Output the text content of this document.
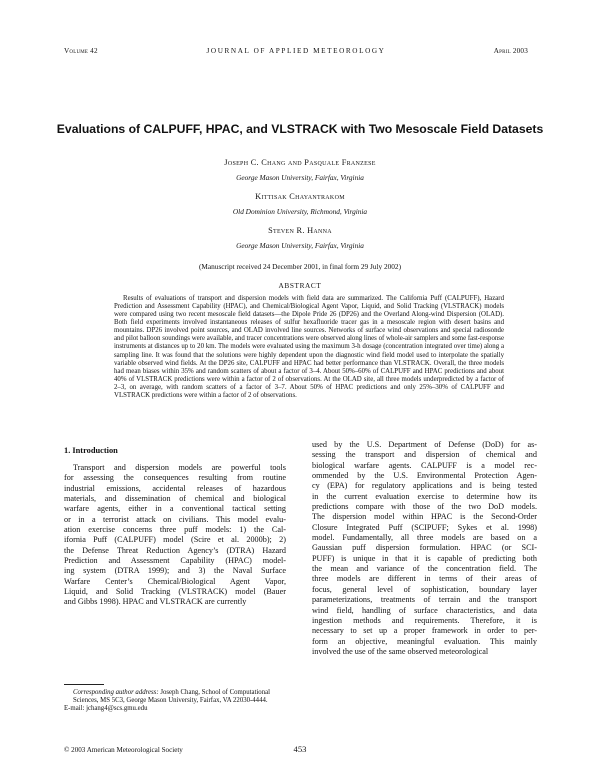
Volume 42	JOURNAL OF APPLIED METEOROLOGY	April 2003
Evaluations of CALPUFF, HPAC, and VLSTRACK with Two Mesoscale Field Datasets
Joseph C. Chang and Pasquale Franzese
George Mason University, Fairfax, Virginia
Kittisak Chayantrakom
Old Dominion University, Richmond, Virginia
Steven R. Hanna
George Mason University, Fairfax, Virginia
(Manuscript received 24 December 2001, in final form 29 July 2002)
ABSTRACT
Results of evaluations of transport and dispersion models with field data are summarized. The California Puff (CALPUFF), Hazard Prediction and Assessment Capability (HPAC), and Chemical/Biological Agent Vapor, Liquid, and Solid Tracking (VLSTRACK) models were compared using two recent mesoscale field datasets—the Dipole Pride 26 (DP26) and the Overland Along-wind Dispersion (OLAD). Both field experiments involved instantaneous releases of sulfur hexafluoride tracer gas in a mesoscale region with desert basins and mountains. DP26 involved point sources, and OLAD involved line sources. Networks of surface wind observations and special radiosonde and pilot balloon soundings were available, and tracer concentrations were observed along lines of whole-air samplers and some fast-response instruments at distances up to 20 km. The models were evaluated using the maximum 3-h dosage (concentration integrated over time) along a sampling line. It was found that the solutions were highly dependent upon the diagnostic wind field model used to interpolate the spatially variable observed wind fields. At the DP26 site, CALPUFF and HPAC had better performance than VLSTRACK. Overall, the three models had mean biases within 35% and random scatters of about a factor of 3–4. About 50%–60% of CALPUFF and HPAC predictions and about 40% of VLSTRACK predictions were within a factor of 2 of observations. At the OLAD site, all three models underpredicted by a factor of 2–3, on average, with random scatters of a factor of 3–7. About 50% of HPAC predictions and only 25%–30% of CALPUFF and VLSTRACK predictions were within a factor of 2 of observations.
1. Introduction
Transport and dispersion models are powerful tools
for assessing the consequences resulting from routine
industrial emissions, accidental releases of hazardous
materials, and dissemination of chemical and biological
warfare agents, either in a conventional tactical setting
or in a terrorist attack on civilians. This model evalu-
ation exercise concerns three puff models: 1) the Cal-
ifornia Puff (CALPUFF) model (Scire et al. 2000b); 2)
the Defense Threat Reduction Agency’s (DTRA) Hazard
Prediction and Assessment Capability (HPAC) model-
ing system (DTRA 1999); and 3) the Naval Surface
Warfare Center’s Chemical/Biological Agent Vapor,
Liquid, and Solid Tracking (VLSTRACK) model (Bauer
and Gibbs 1998). HPAC and VLSTRACK are currently
used by the U.S. Department of Defense (DoD) for as-
sessing the transport and dispersion of chemical and
biological warfare agents. CALPUFF is a model rec-
ommended by the U.S. Environmental Protection Agen-
cy (EPA) for regulatory applications and is being tested
in the current evaluation exercise to determine how its
predictions compare with those of the two DoD models.
The dispersion model within HPAC is the Second-Order
Closure Integrated Puff (SCIPUFF; Sykes et al. 1998)
model. Fundamentally, all three models are based on a
Gaussian puff dispersion formulation. HPAC (or SCI-
PUFF) is unique in that it is capable of predicting both
the mean and variance of the concentration field. The
three models are different in terms of their areas of
focus, general level of sophistication, boundary layer
parameterizations, treatments of terrain and the transport
wind field, handling of surface characteristics, and data
ingestion methods and requirements. Therefore, it is
necessary to set up a proper framework in order to per-
form an objective, meaningful evaluation. This mainly
involved the use of the same observed meteorological
Corresponding author address: Joseph Chang, School of Computational Sciences, MS 5C3, George Mason University, Fairfax, VA 22030-4444.
E-mail: jchang4@scs.gmu.edu
© 2003 American Meteorological Society	453
